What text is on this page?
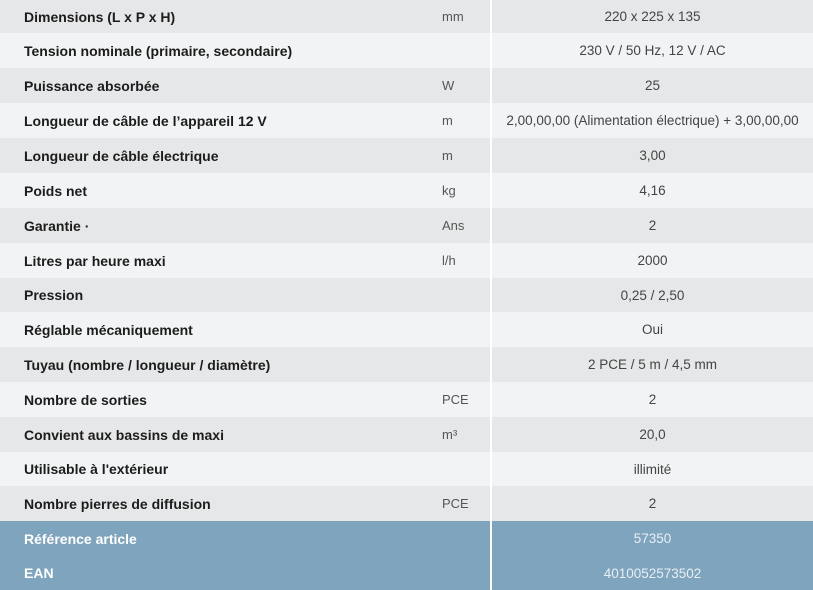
Dimensions (L x P x H)	mm		220 x 225 x 135
Tension nominale (primaire, secondaire)			230 V / 50 Hz, 12 V / AC
Puissance absorbée	W		25
Longueur de câble de l’appareil 12 V	m		2,00,00,00 (Alimentation électrique) + 3,00,00,00
Longueur de câble électrique	m		3,00
Poids net	kg		4,16
Garantie ·	Ans		2
Litres par heure maxi	l/h		2000
Pression			0,25 / 2,50
Réglable mécaniquement			Oui
Tuyau (nombre / longueur / diamètre)			2 PCE / 5 m / 4,5 mm
Nombre de sorties	PCE		2
Convient aux bassins de maxi	m³		20,0
Utilisable à l'extérieur			illimité
Nombre pierres de diffusion	PCE		2
Référence article			57350
EAN			4010052573502
